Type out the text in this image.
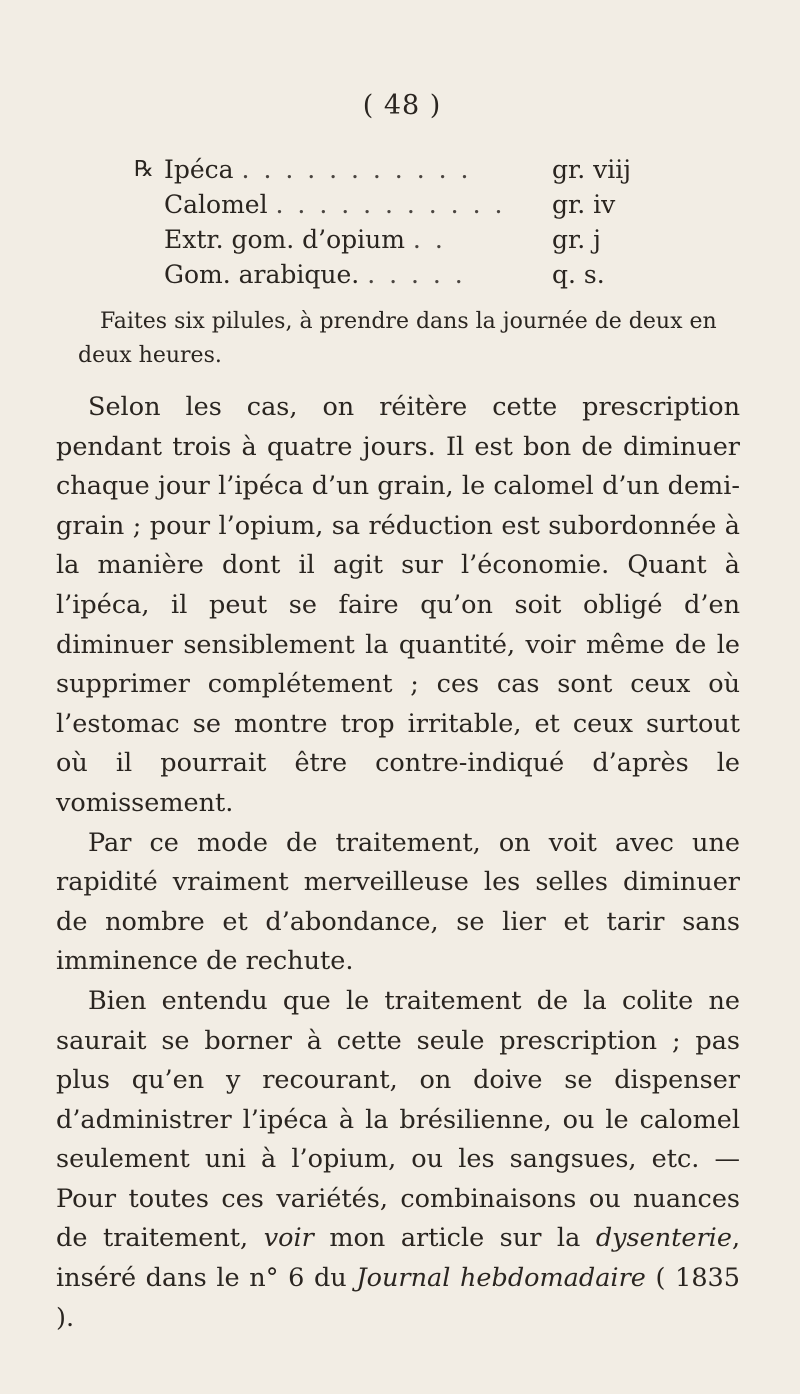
( 48 )
℞ Ipéca . . . . . . . . . . .	gr. viij
Calomel . . . . . . . . . . . gr. iv
Extr. gom. d’opium . .	gr. j
Gom. arabique. . . . . .	q. s.
Faites six pilules, à prendre dans la journée de deux en deux heures.

Selon les cas, on réitère cette prescription pendant trois à quatre jours. Il est bon de diminuer chaque jour l’ipéca d’un grain, le calomel d’un demi-grain ; pour l’opium, sa réduction est subordonnée à la manière dont il agit sur l’économie. Quant à l’ipéca, il peut se faire qu’on soit obligé d’en diminuer sensiblement la quantité, voir même de le supprimer complétement ; ces cas sont ceux où l’estomac se montre trop irritable, et ceux surtout où il pourrait être contre-indiqué d’après le vomissement.

Par ce mode de traitement, on voit avec une rapidité vraiment merveilleuse les selles diminuer de nombre et d’abondance, se lier et tarir sans imminence de rechute.

Bien entendu que le traitement de la colite ne saurait se borner à cette seule prescription ; pas plus qu’en y recourant, on doive se dispenser d’administrer l’ipéca à la brésilienne, ou le calomel seulement uni à l’opium, ou les sangsues, etc. — Pour toutes ces variétés, combinaisons ou nuances de traitement, voir mon article sur la dysenterie, inséré dans le n° 6 du Journal hebdomadaire ( 1835 ).
